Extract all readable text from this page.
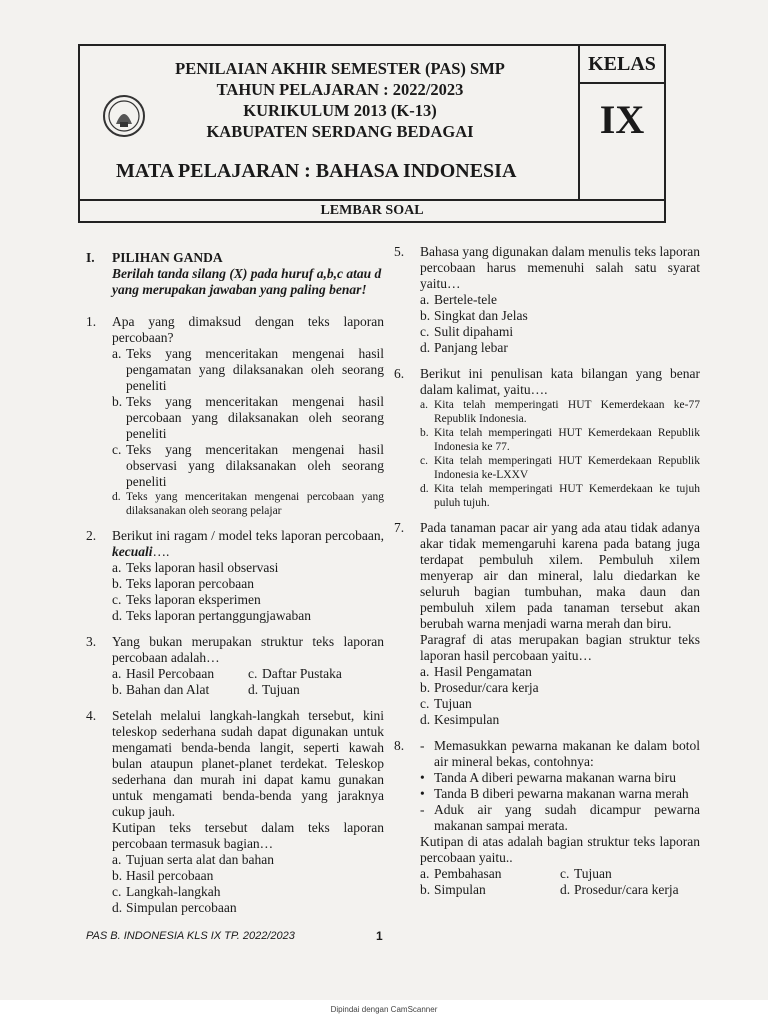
PENILAIAN AKHIR SEMESTER (PAS) SMP
TAHUN PELAJARAN : 2022/2023
KURIKULUM 2013 (K-13)
KABUPATEN SERDANG BEDAGAI
MATA PELAJARAN : BAHASA INDONESIA
KELAS
IX
LEMBAR SOAL
I.	PILIHAN GANDA
Berilah tanda silang (X) pada huruf a,b,c atau d yang merupakan jawaban yang paling benar!
1.	Apa yang dimaksud dengan teks laporan percobaan?
a. Teks yang menceritakan mengenai hasil pengamatan yang dilaksanakan oleh seorang peneliti
b. Teks yang menceritakan mengenai hasil percobaan yang dilaksanakan oleh seorang peneliti
c. Teks yang menceritakan mengenai hasil observasi yang dilaksanakan oleh seorang peneliti
d. Teks yang menceritakan mengenai percobaan yang dilaksanakan oleh seorang pelajar
2.	Berikut ini ragam / model teks laporan percobaan, kecuali….
a. Teks laporan hasil observasi
b. Teks laporan percobaan
c. Teks laporan eksperimen
d. Teks laporan pertanggungjawaban
3.	Yang bukan merupakan struktur teks laporan percobaan adalah…
a. Hasil Percobaan	c. Daftar Pustaka
b. Bahan dan Alat	d. Tujuan
4.	Setelah melalui langkah-langkah tersebut, kini teleskop sederhana sudah dapat digunakan untuk mengamati benda-benda langit, seperti kawah bulan ataupun planet-planet terdekat. Teleskop sederhana dan murah ini dapat kamu gunakan untuk mengamati benda-benda yang jaraknya cukup jauh.
Kutipan teks tersebut dalam teks laporan percobaan termasuk bagian…
a. Tujuan serta alat dan bahan
b. Hasil percobaan
c. Langkah-langkah
d. Simpulan percobaan
5.	Bahasa yang digunakan dalam menulis teks laporan percobaan harus memenuhi salah satu syarat yaitu…
a. Bertele-tele
b. Singkat dan Jelas
c. Sulit dipahami
d. Panjang lebar
6.	Berikut ini penulisan kata bilangan yang benar dalam kalimat, yaitu….
a. Kita telah memperingati HUT Kemerdekaan ke-77 Republik Indonesia.
b. Kita telah memperingati HUT Kemerdekaan Republik Indonesia ke 77.
c. Kita telah memperingati HUT Kemerdekaan Republik Indonesia ke-LXXV
d. Kita telah memperingati HUT Kemerdekaan ke tujuh puluh tujuh.
7.	Pada tanaman pacar air yang ada atau tidak adanya akar tidak memengaruhi karena pada batang juga terdapat pembuluh xilem. Pembuluh xilem menyerap air dan mineral, lalu diedarkan ke seluruh bagian tumbuhan, maka daun dan pembuluh xilem pada tanaman tersebut akan berubah warna menjadi warna merah dan biru.
Paragraf di atas merupakan bagian struktur teks laporan hasil percobaan yaitu…
a. Hasil Pengamatan
b. Prosedur/cara kerja
c. Tujuan
d. Kesimpulan
8.	- Memasukkan pewarna makanan ke dalam botol air mineral bekas, contohnya:
• Tanda A diberi pewarna makanan warna biru
• Tanda B diberi pewarna makanan warna merah
- Aduk air yang sudah dicampur pewarna makanan sampai merata.
Kutipan di atas adalah bagian struktur teks laporan percobaan yaitu..
a. Pembahasan	c. Tujuan
b. Simpulan	d. Prosedur/cara kerja
PAS B. INDONESIA KLS IX TP. 2022/2023	1
Dipindai dengan CamScanner
